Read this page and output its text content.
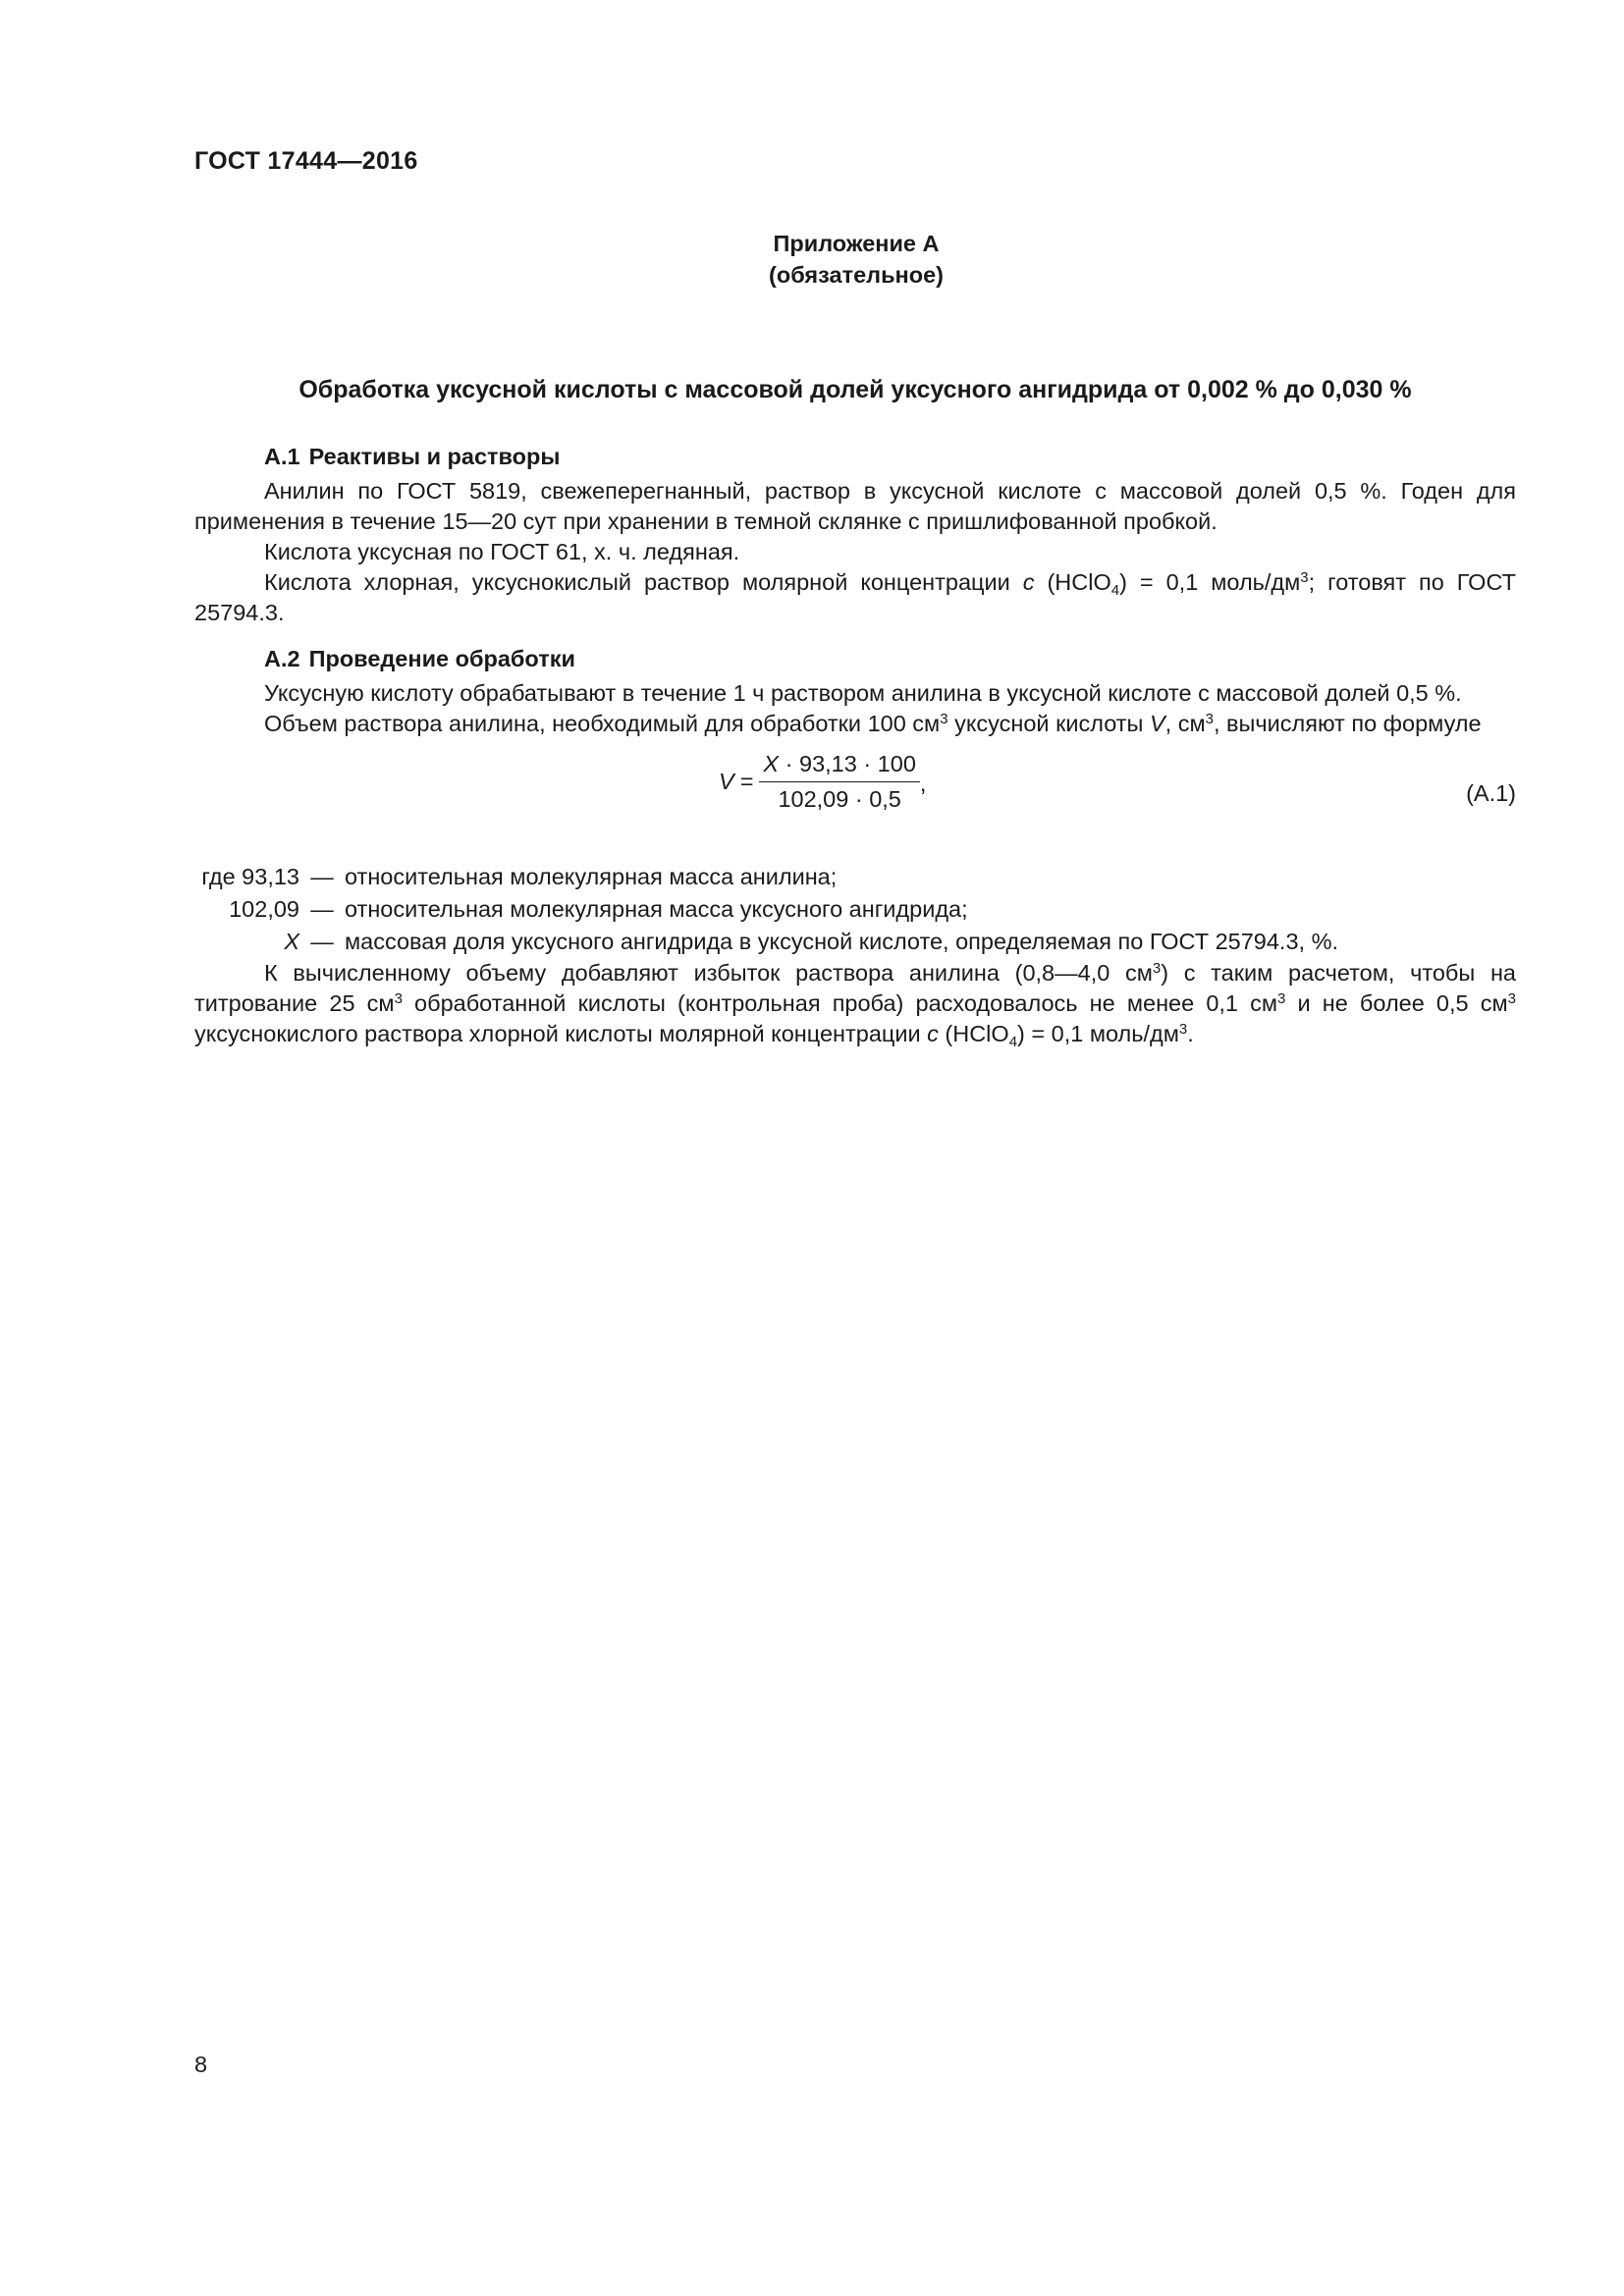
ГОСТ 17444—2016
Приложение А
(обязательное)
Обработка уксусной кислоты с массовой долей уксусного ангидрида от 0,002 % до 0,030 %
А.1 Реактивы и растворы

Анилин по ГОСТ 5819, свежеперегнанный, раствор в уксусной кислоте с массовой долей 0,5 %. Годен для применения в течение 15—20 сут при хранении в темной склянке с пришлифованной пробкой.

Кислота уксусная по ГОСТ 61, х. ч. ледяная.

Кислота хлорная, уксуснокислый раствор молярной концентрации c (HClO$_4$) = 0,1 моль/$дм^3$; готовят по ГОСТ 25794.3.

А.2 Проведение обработки

Уксусную кислоту обрабатывают в течение 1 ч раствором анилина в уксусной кислоте с массовой долей 0,5 %.

Объем раствора анилина, необходимый для обработки 100 $см^3$ уксусной кислоты V, $см^3$, вычисляют по формуле

$V = \frac{X \cdot 93,13 \cdot 100}{102,09 \cdot 0,5}$ ,	(А.1)
где 93,13 — относительная молекулярная масса анилина;
102,09 — относительная молекулярная масса уксусного ангидрида;
X — массовая доля уксусного ангидрида в уксусной кислоте, определяемая по ГОСТ 25794.3, %.

К вычисленному объему добавляют избыток раствора анилина (0,8—4,0 $см^3$) с таким расчетом, чтобы на титрование 25 $см^3$ обработанной кислоты (контрольная проба) расходовалось не менее 0,1 $см^3$ и не более 0,5 $см^3$ уксуснокислого раствора хлорной кислоты молярной концентрации c (HClO$_4$) = 0,1 моль/$дм^3$.

8
